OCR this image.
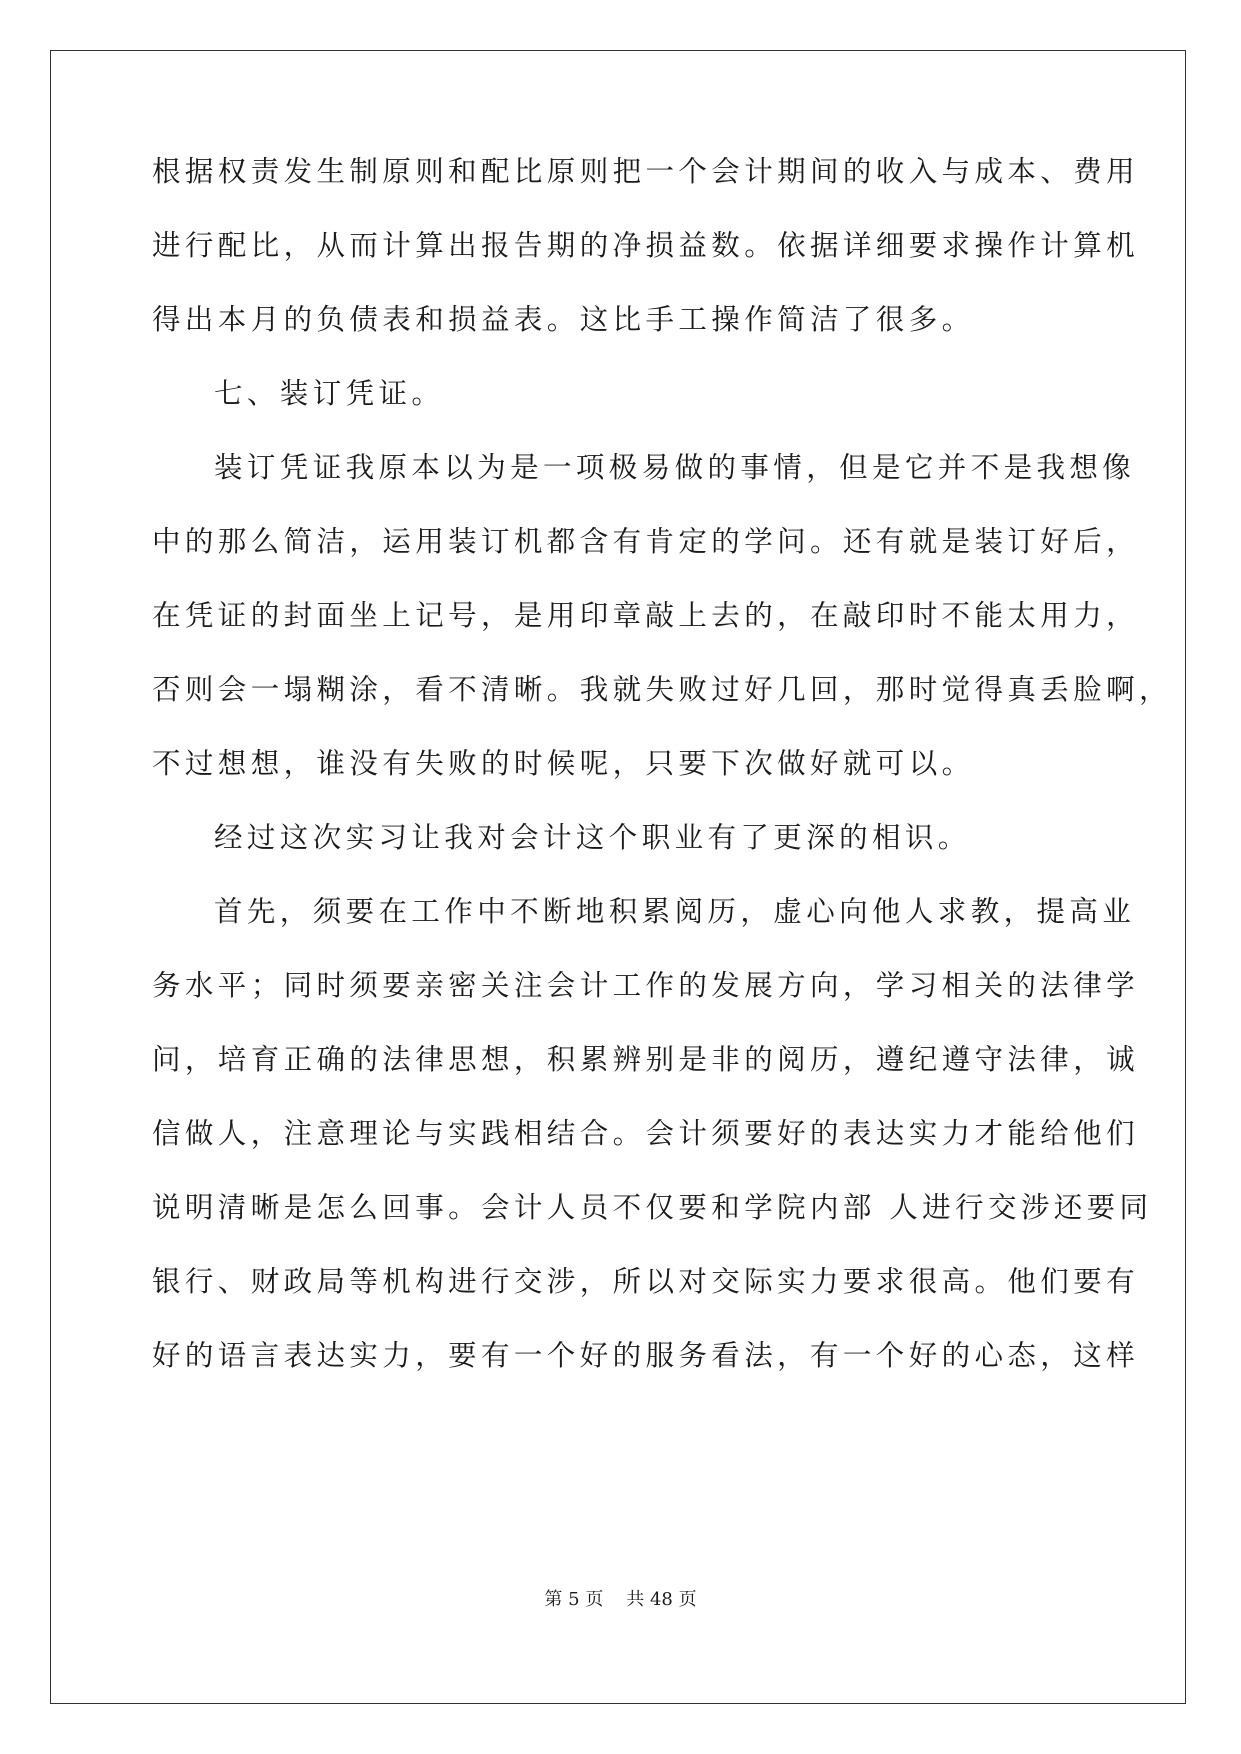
根据权责发生制原则和配比原则把一个会计期间的收入与成本、费用
进行配比，从而计算出报告期的净损益数。依据详细要求操作计算机
得出本月的负债表和损益表。这比手工操作简洁了很多。
七、装订凭证。
装订凭证我原本以为是一项极易做的事情，但是它并不是我想像
中的那么简洁，运用装订机都含有肯定的学问。还有就是装订好后，
在凭证的封面坐上记号，是用印章敲上去的，在敲印时不能太用力，
否则会一塌糊涂，看不清晰。我就失败过好几回，那时觉得真丢脸啊，
不过想想，谁没有失败的时候呢，只要下次做好就可以。
经过这次实习让我对会计这个职业有了更深的相识。
首先，须要在工作中不断地积累阅历，虚心向他人求教，提高业
务水平；同时须要亲密关注会计工作的发展方向，学习相关的法律学
问，培育正确的法律思想，积累辨别是非的阅历，遵纪遵守法律，诚
信做人，注意理论与实践相结合。会计须要好的表达实力才能给他们
说明清晰是怎么回事。会计人员不仅要和学院内部 人进行交涉还要同
银行、财政局等机构进行交涉，所以对交际实力要求很高。他们要有
好的语言表达实力，要有一个好的服务看法，有一个好的心态，这样
第 5 页 共 48 页
